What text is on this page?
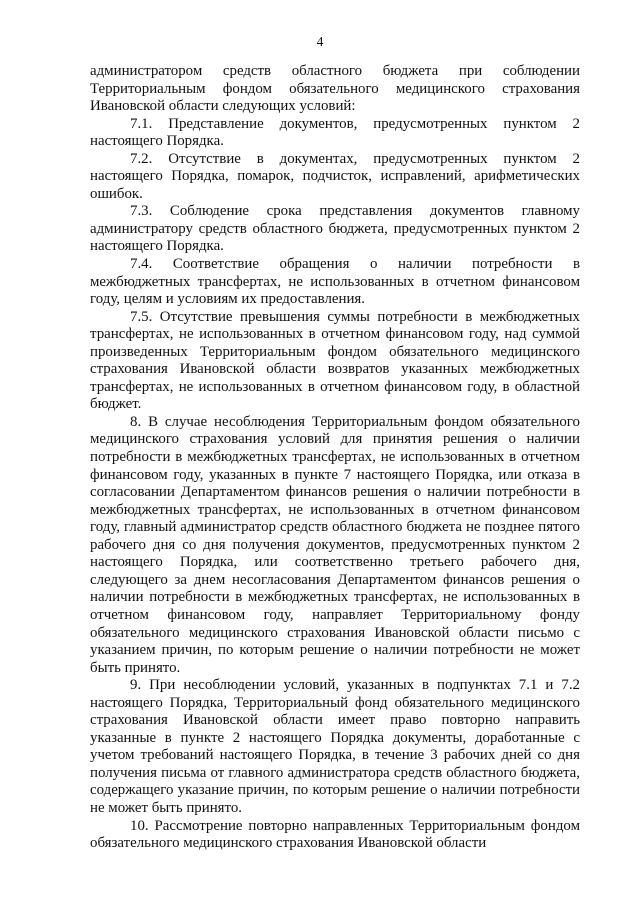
4

администратором средств областного бюджета при соблюдении Территориальным фондом обязательного медицинского страхования Ивановской области следующих условий:

7.1. Представление документов, предусмотренных пунктом 2 настоящего Порядка.

7.2. Отсутствие в документах, предусмотренных пунктом 2 настоящего Порядка, помарок, подчисток, исправлений, арифметических ошибок.

7.3. Соблюдение срока представления документов главному администратору средств областного бюджета, предусмотренных пунктом 2 настоящего Порядка.

7.4. Соответствие обращения о наличии потребности в межбюджетных трансфертах, не использованных в отчетном финансовом году, целям и условиям их предоставления.

7.5. Отсутствие превышения суммы потребности в межбюджетных трансфертах, не использованных в отчетном финансовом году, над суммой произведенных Территориальным фондом обязательного медицинского страхования Ивановской области возвратов указанных межбюджетных трансфертах, не использованных в отчетном финансовом году, в областной бюджет.

8. В случае несоблюдения Территориальным фондом обязательного медицинского страхования условий для принятия решения о наличии потребности в межбюджетных трансфертах, не использованных в отчетном финансовом году, указанных в пункте 7 настоящего Порядка, или отказа в согласовании Департаментом финансов решения о наличии потребности в межбюджетных трансфертах, не использованных в отчетном финансовом году, главный администратор средств областного бюджета не позднее пятого рабочего дня со дня получения документов, предусмотренных пунктом 2 настоящего Порядка, или соответственно третьего рабочего дня, следующего за днем несогласования Департаментом финансов решения о наличии потребности в межбюджетных трансфертах, не использованных в отчетном финансовом году, направляет Территориальному фонду обязательного медицинского страхования Ивановской области письмо с указанием причин, по которым решение о наличии потребности не может быть принято.

9. При несоблюдении условий, указанных в подпунктах 7.1 и 7.2 настоящего Порядка, Территориальный фонд обязательного медицинского страхования Ивановской области имеет право повторно направить указанные в пункте 2 настоящего Порядка документы, доработанные с учетом требований настоящего Порядка, в течение 3 рабочих дней со дня получения письма от главного администратора средств областного бюджета, содержащего указание причин, по которым решение о наличии потребности не может быть принято.

10. Рассмотрение повторно направленных Территориальным фондом обязательного медицинского страхования Ивановской области
